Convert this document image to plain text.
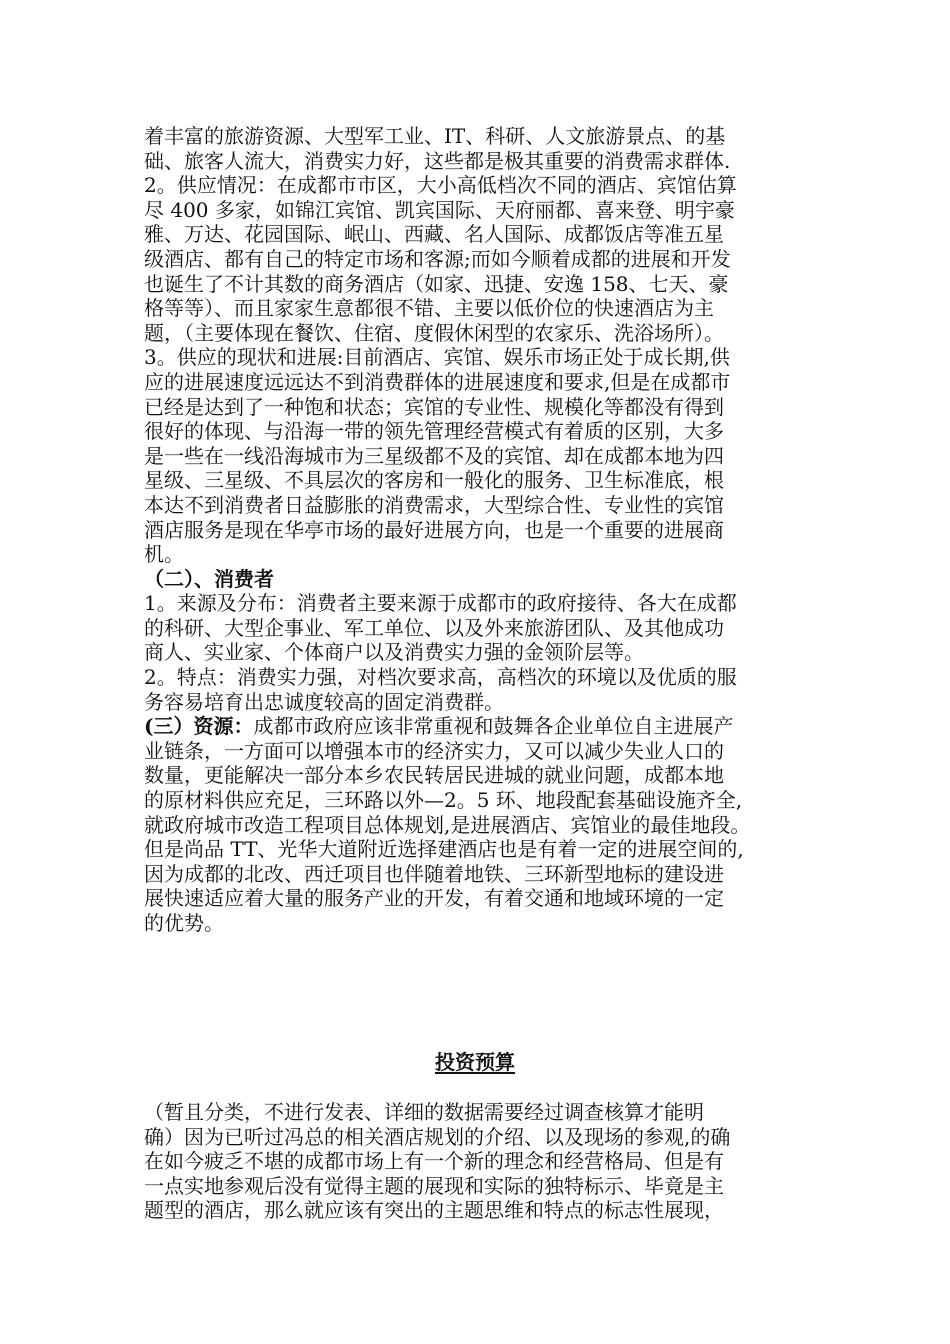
着丰富的旅游资源、大型军工业、IT、科研、人文旅游景点、的基
础、旅客人流大，消费实力好，这些都是极其重要的消费需求群体.
2。供应情况：在成都市市区，大小高低档次不同的酒店、宾馆估算
尽 400 多家，如锦江宾馆、凯宾国际、天府丽都、喜来登、明宇豪
雅、万达、花园国际、岷山、西藏、名人国际、成都饭店等准五星
级酒店、都有自己的特定市场和客源;而如今顺着成都的进展和开发
也诞生了不计其数的商务酒店（如家、迅捷、安逸 158、七天、豪
格等等）、而且家家生意都很不错、主要以低价位的快速酒店为主
题，（主要体现在餐饮、住宿、度假休闲型的农家乐、洗浴场所）。
3。供应的现状和进展:目前酒店、宾馆、娱乐市场正处于成长期,供
应的进展速度远远达不到消费群体的进展速度和要求,但是在成都市
已经是达到了一种饱和状态；宾馆的专业性、规模化等都没有得到
很好的体现、与沿海一带的领先管理经营模式有着质的区别，大多
是一些在一线沿海城市为三星级都不及的宾馆、却在成都本地为四
星级、三星级、不具层次的客房和一般化的服务、卫生标准底，根
本达不到消费者日益膨胀的消费需求，大型综合性、专业性的宾馆
酒店服务是现在华亭市场的最好进展方向，也是一个重要的进展商
机。
（二）、消费者
1。来源及分布：消费者主要来源于成都市的政府接待、各大在成都
的科研、大型企事业、军工单位、以及外来旅游团队、及其他成功
商人、实业家、个体商户以及消费实力强的金领阶层等。
2。特点：消费实力强，对档次要求高，高档次的环境以及优质的服
务容易培育出忠诚度较高的固定消费群。
(三）资源：成都市政府应该非常重视和鼓舞各企业单位自主进展产
业链条，一方面可以增强本市的经济实力，又可以减少失业人口的
数量，更能解决一部分本乡农民转居民进城的就业问题，成都本地
的原材料供应充足，三环路以外—2。5 环、地段配套基础设施齐全,
就政府城市改造工程项目总体规划,是进展酒店、宾馆业的最佳地段。
但是尚品 TT、光华大道附近选择建酒店也是有着一定的进展空间的,
因为成都的北改、西迁项目也伴随着地铁、三环新型地标的建设进
展快速适应着大量的服务产业的开发，有着交通和地域环境的一定
的优势。
投资预算
（暂且分类，不进行发表、详细的数据需要经过调查核算才能明
确）因为已听过冯总的相关酒店规划的介绍、以及现场的参观,的确
在如今疲乏不堪的成都市场上有一个新的理念和经营格局、但是有
一点实地参观后没有觉得主题的展现和实际的独特标示、毕竟是主
题型的酒店，那么就应该有突出的主题思维和特点的标志性展现，
